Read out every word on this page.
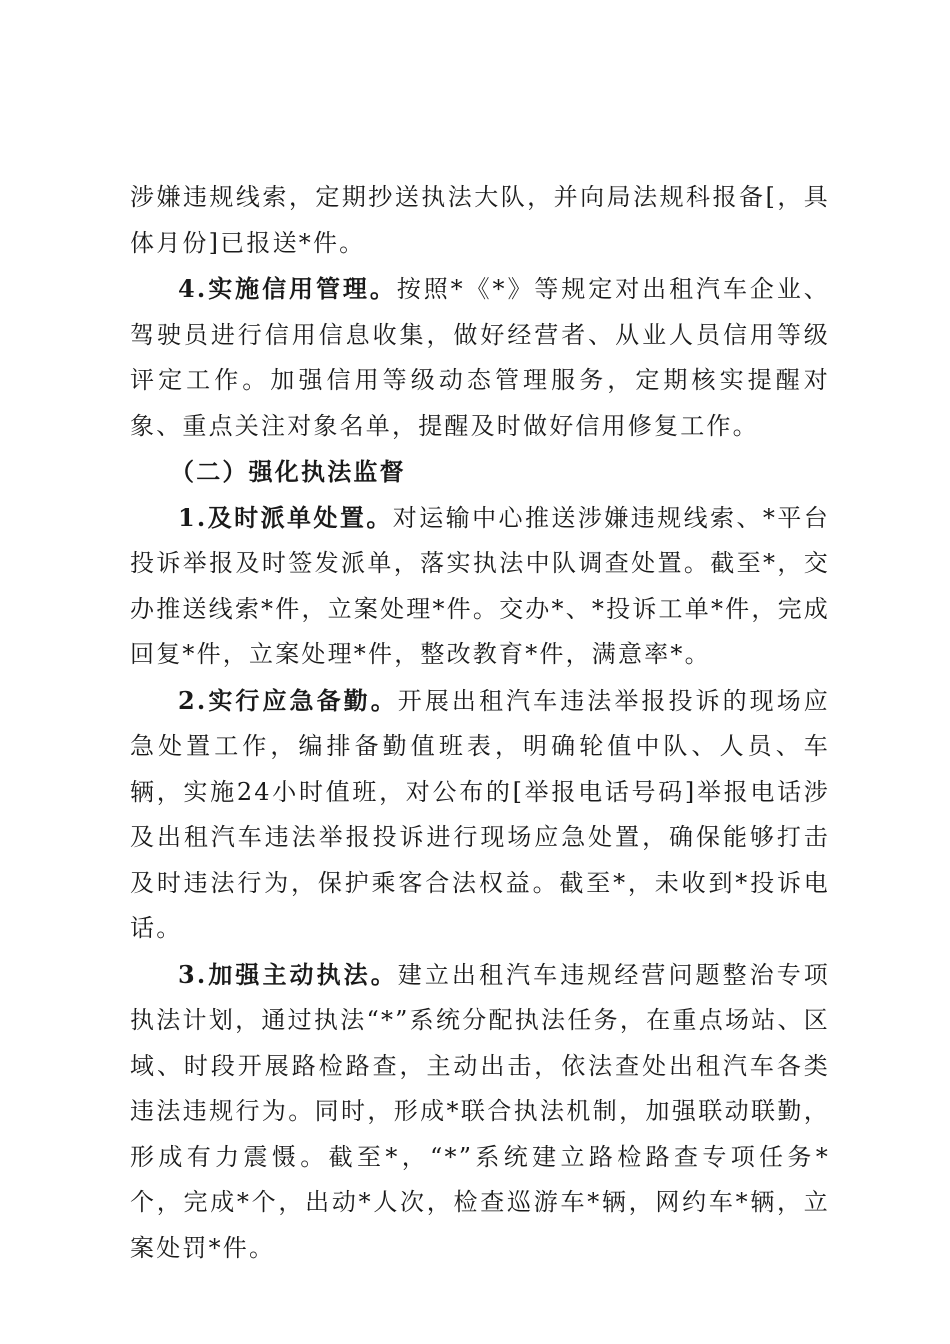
涉嫌违规线索，定期抄送执法大队，并向局法规科报备[，具体月份]已报送*件。

4.实施信用管理。按照*《*》等规定对出租汽车企业、驾驶员进行信用信息收集，做好经营者、从业人员信用等级评定工作。加强信用等级动态管理服务，定期核实提醒对象、重点关注对象名单，提醒及时做好信用修复工作。

（二）强化执法监督

1.及时派单处置。对运输中心推送涉嫌违规线索、*平台投诉举报及时签发派单，落实执法中队调查处置。截至*，交办推送线索*件，立案处理*件。交办*、*投诉工单*件，完成回复*件，立案处理*件，整改教育*件，满意率*。

2.实行应急备勤。开展出租汽车违法举报投诉的现场应急处置工作，编排备勤值班表，明确轮值中队、人员、车辆，实施24小时值班，对公布的[举报电话号码]举报电话涉及出租汽车违法举报投诉进行现场应急处置，确保能够打击及时违法行为，保护乘客合法权益。截至*，未收到*投诉电话。

3.加强主动执法。建立出租汽车违规经营问题整治专项执法计划，通过执法“*”系统分配执法任务，在重点场站、区域、时段开展路检路查，主动出击，依法查处出租汽车各类违法违规行为。同时，形成*联合执法机制，加强联动联勤，形成有力震慑。截至*，“*”系统建立路检路查专项任务*个，完成*个，出动*人次，检查巡游车*辆，网约车*辆，立案处罚*件。
